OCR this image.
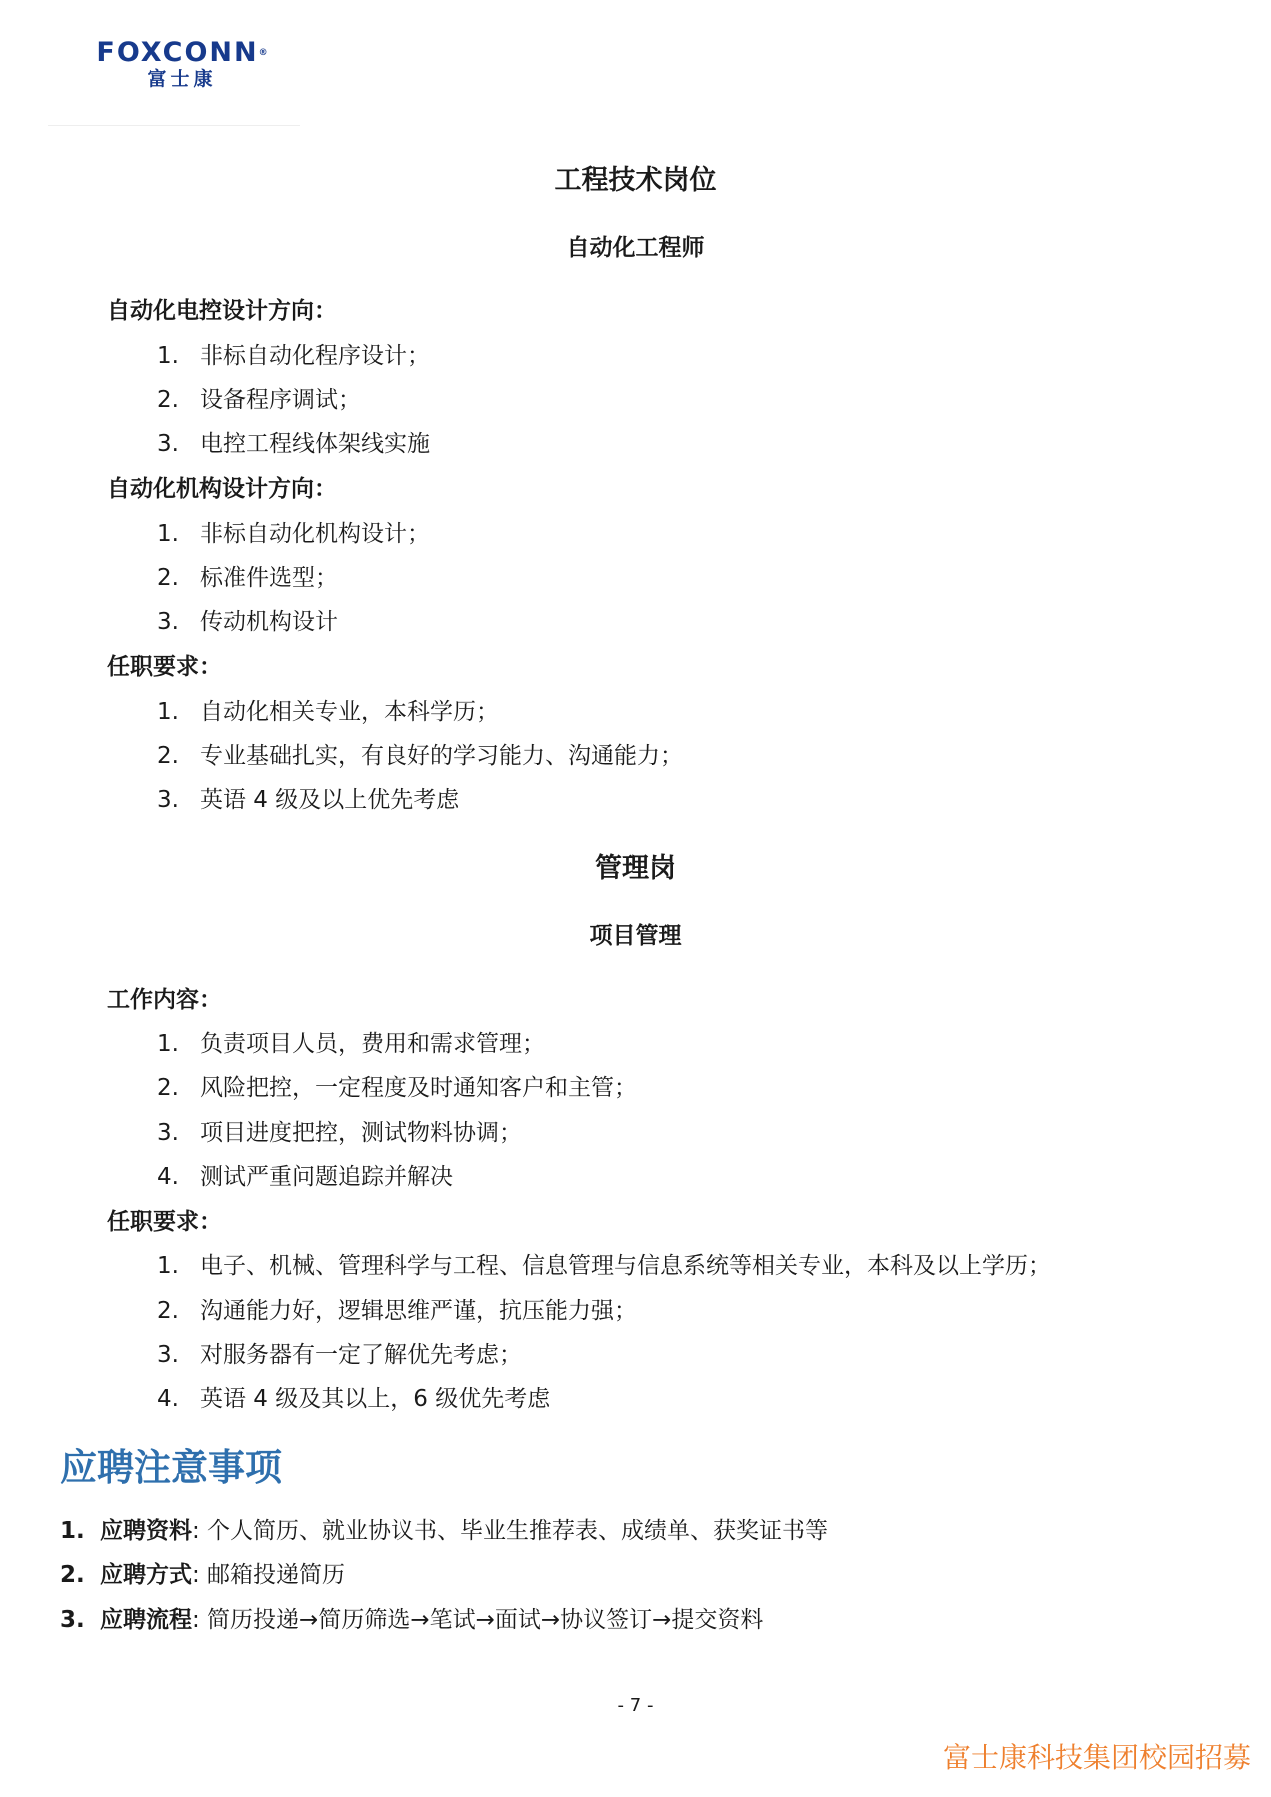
FOXCONN®
富士康
工程技术岗位
自动化工程师
自动化电控设计方向：
1. 非标自动化程序设计；
2. 设备程序调试；
3. 电控工程线体架线实施
自动化机构设计方向：
1. 非标自动化机构设计；
2. 标准件选型；
3. 传动机构设计
任职要求：
1. 自动化相关专业，本科学历；
2. 专业基础扎实，有良好的学习能力、沟通能力；
3. 英语 4 级及以上优先考虑
管理岗
项目管理
工作内容：
1. 负责项目人员，费用和需求管理；
2. 风险把控，一定程度及时通知客户和主管；
3. 项目进度把控，测试物料协调；
4. 测试严重问题追踪并解决
任职要求：
1. 电子、机械、管理科学与工程、信息管理与信息系统等相关专业，本科及以上学历；
2. 沟通能力好，逻辑思维严谨，抗压能力强；
3. 对服务器有一定了解优先考虑；
4. 英语 4 级及其以上，6 级优先考虑
应聘注意事项
1. 应聘资料: 个人简历、就业协议书、毕业生推荐表、成绩单、获奖证书等
2. 应聘方式: 邮箱投递简历
3. 应聘流程: 简历投递→简历筛选→笔试→面试→协议签订→提交资料
- 7 -
富士康科技集团校园招募
